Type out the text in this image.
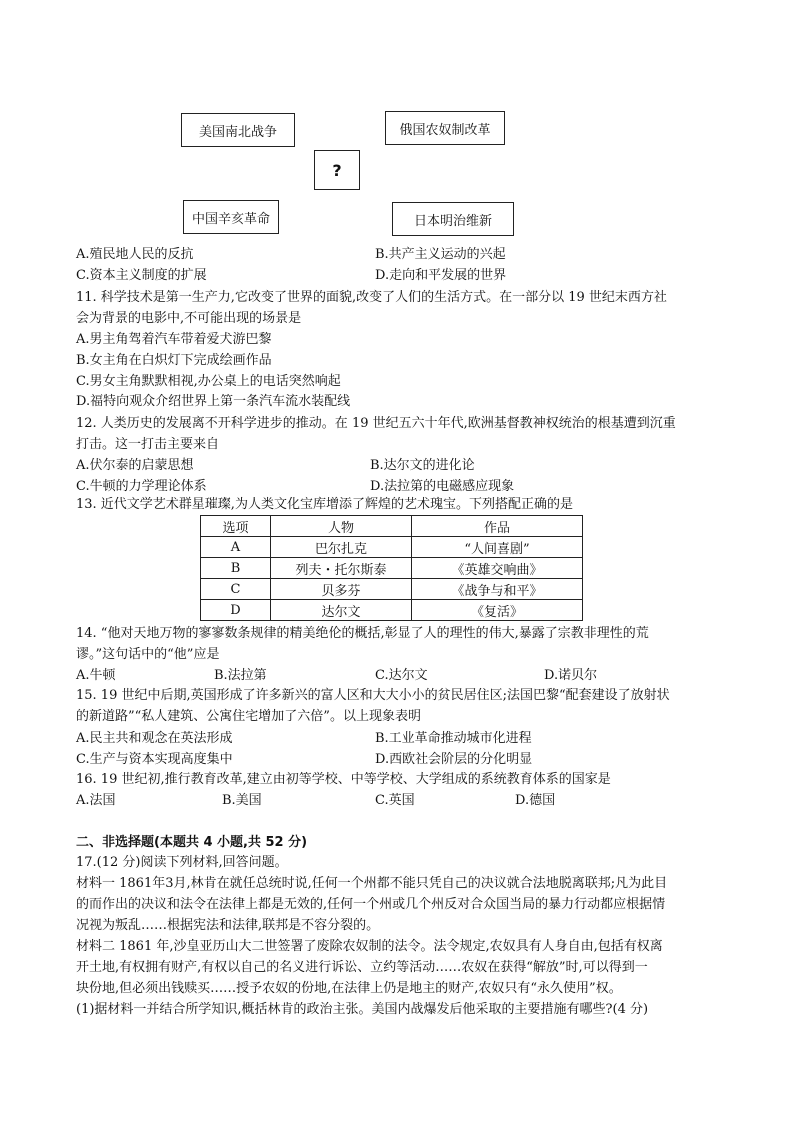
美国南北战争	俄国农奴制改革
?
中国辛亥革命	日本明治维新
A.殖民地人民的反抗	B.共产主义运动的兴起
C.资本主义制度的扩展	D.走向和平发展的世界
11. 科学技术是第一生产力,它改变了世界的面貌,改变了人们的生活方式。在一部分以 19 世纪末西方社
会为背景的电影中,不可能出现的场景是
A.男主角驾着汽车带着爱犬游巴黎
B.女主角在白炽灯下完成绘画作品
C.男女主角默默相视,办公桌上的电话突然响起
D.福特向观众介绍世界上第一条汽车流水装配线
12. 人类历史的发展离不开科学进步的推动。在 19 世纪五六十年代,欧洲基督教神权统治的根基遭到沉重
打击。这一打击主要来自
A.伏尔泰的启蒙思想	B.达尔文的进化论
C.牛顿的力学理论体系	D.法拉第的电磁感应现象
13. 近代文学艺术群星璀璨,为人类文化宝库增添了辉煌的艺术瑰宝。下列搭配正确的是
选项	人物	作品
A	巴尔扎克	“人间喜剧”
B	列夫・托尔斯泰	《英雄交响曲》
C	贝多芬	《战争与和平》
D	达尔文	《复活》
14. “他对天地万物的寥寥数条规律的精美绝伦的概括,彰显了人的理性的伟大,暴露了宗教非理性的荒
谬。”这句话中的“他”应是
A.牛顿	B.法拉第	C.达尔文	D.诺贝尔
15. 19 世纪中后期,英国形成了许多新兴的富人区和大大小小的贫民居住区;法国巴黎“配套建设了放射状
的新道路”“私人建筑、公寓住宅增加了六倍”。以上现象表明
A.民主共和观念在英法形成	B.工业革命推动城市化进程
C.生产与资本实现高度集中	D.西欧社会阶层的分化明显
16. 19 世纪初,推行教育改革,建立由初等学校、中等学校、大学组成的系统教育体系的国家是
A.法国	B.美国	C.英国	D.德国
二、非选择题(本题共 4 小题,共 52 分)
17.(12 分)阅读下列材料,回答问题。
材料一 1861年3月,林肯在就任总统时说,任何一个州都不能只凭自己的决议就合法地脱离联邦;凡为此目
的而作出的决议和法令在法律上都是无效的,任何一个州或几个州反对合众国当局的暴力行动都应根据情
况视为叛乱……根据宪法和法律,联邦是不容分裂的。
材料二 1861 年,沙皇亚历山大二世签署了废除农奴制的法令。法令规定,农奴具有人身自由,包括有权离
开土地,有权拥有财产,有权以自己的名义进行诉讼、立约等活动……农奴在获得“解放”时,可以得到一
块份地,但必须出钱赎买……授予农奴的份地,在法律上仍是地主的财产,农奴只有“永久使用”权。
(1)据材料一并结合所学知识,概括林肯的政治主张。美国内战爆发后他采取的主要措施有哪些?(4 分)
